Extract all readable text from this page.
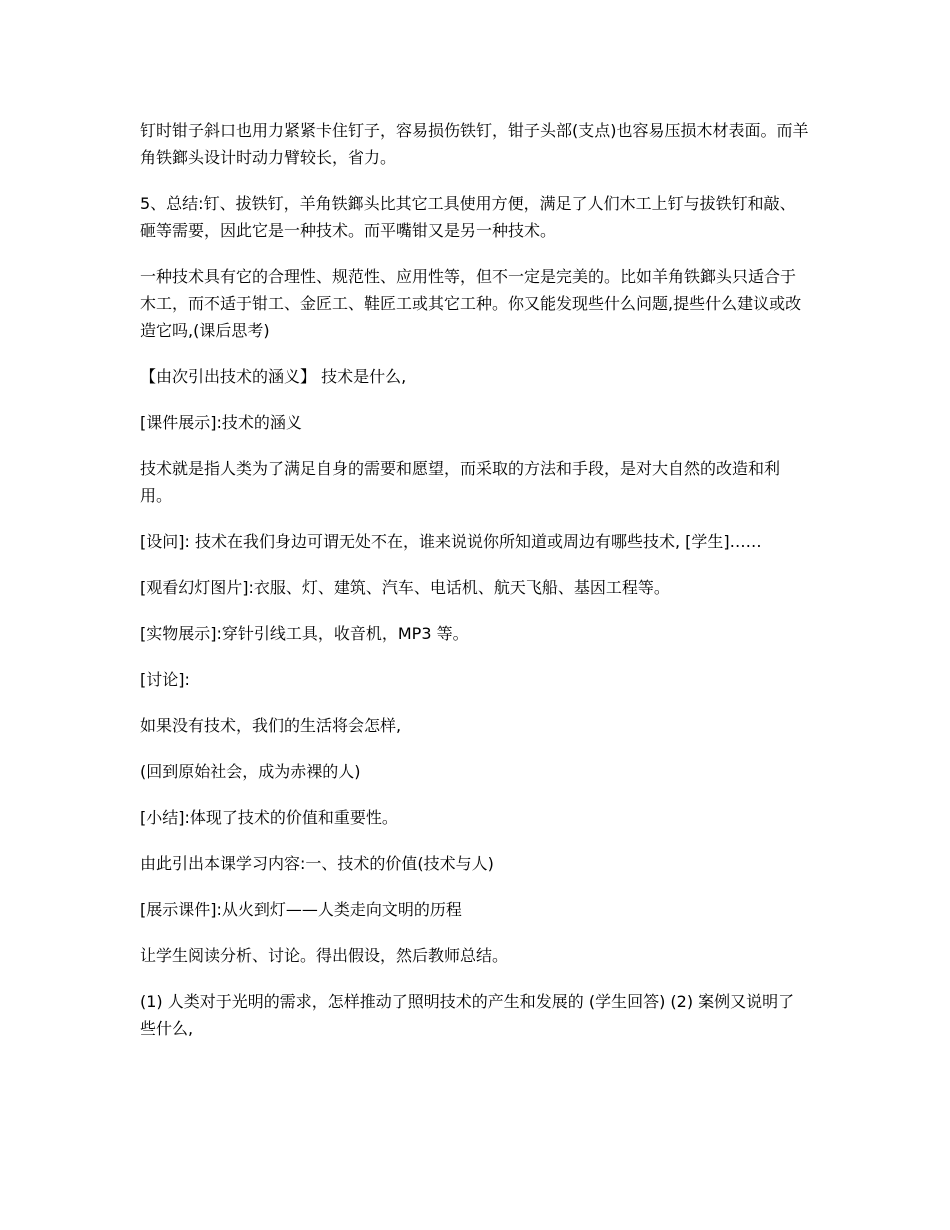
钉时钳子斜口也用力紧紧卡住钉子，容易损伤铁钉，钳子头部(支点)也容易压损木材表面。而羊角铁鎯头设计时动力臂较长，省力。

5、总结:钉、拔铁钉，羊角铁鎯头比其它工具使用方便，满足了人们木工上钉与拔铁钉和敲、砸等需要，因此它是一种技术。而平嘴钳又是另一种技术。

一种技术具有它的合理性、规范性、应用性等，但不一定是完美的。比如羊角铁鎯头只适合于木工，而不适于钳工、金匠工、鞋匠工或其它工种。你又能发现些什么问题,提些什么建议或改造它吗,(课后思考)

【由次引出技术的涵义】 技术是什么,

[课件展示]:技术的涵义

技术就是指人类为了满足自身的需要和愿望，而采取的方法和手段，是对大自然的改造和利用。

[设问]: 技术在我们身边可谓无处不在，谁来说说你所知道或周边有哪些技术, [学生]……

[观看幻灯图片]:衣服、灯、建筑、汽车、电话机、航天飞船、基因工程等。

[实物展示]:穿针引线工具，收音机，MP3 等。

[讨论]:

如果没有技术，我们的生活将会怎样,

(回到原始社会，成为赤裸的人)

[小结]:体现了技术的价值和重要性。

由此引出本课学习内容:一、技术的价值(技术与人)

[展示课件]:从火到灯——人类走向文明的历程

让学生阅读分析、讨论。得出假设，然后教师总结。

(1) 人类对于光明的需求，怎样推动了照明技术的产生和发展的 (学生回答) (2) 案例又说明了些什么,
